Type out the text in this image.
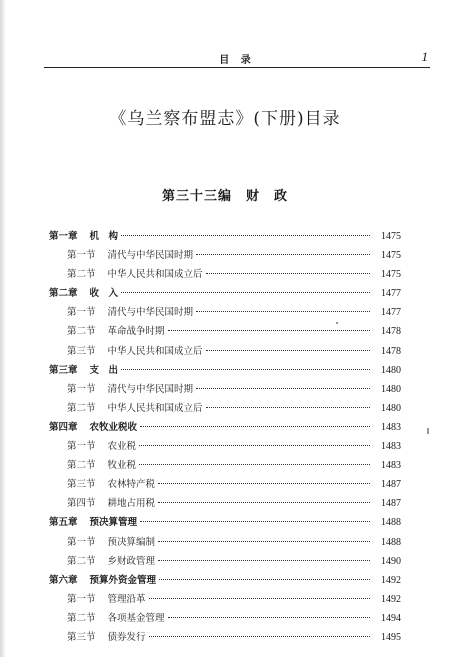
目 录	1
《乌兰察布盟志》(下册)目录
第三十三编　财　政
第一章 机　构	1475
第一节 清代与中华民国时期	1475
第二节 中华人民共和国成立后	1475
第二章 收　入	1477
第一节 清代与中华民国时期	1477
第二节 革命战争时期	1478
第三节 中华人民共和国成立后	1478
第三章 支　出	1480
第一节 清代与中华民国时期	1480
第二节 中华人民共和国成立后	1480
第四章 农牧业税收	1483
第一节 农业税	1483
第二节 牧业税	1483
第三节 农林特产税	1487
第四节 耕地占用税	1487
第五章 预决算管理	1488
第一节 预决算编制	1488
第二节 乡财政管理	1490
第六章 预算外资金管理	1492
第一节 管理沿革	1492
第二节 各项基金管理	1494
第三节 债券发行	1495
